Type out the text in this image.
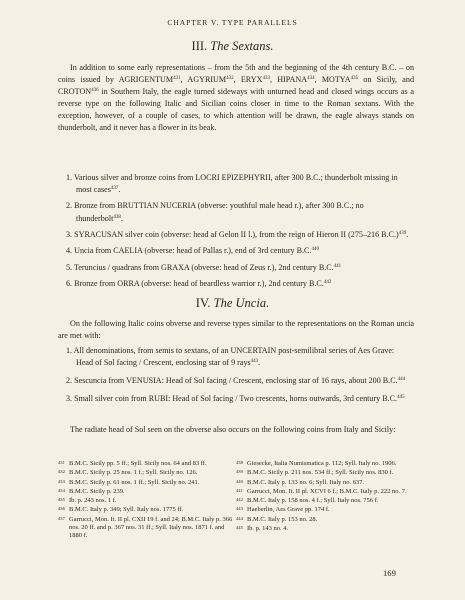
CHAPTER V. TYPE PARALLELS
III. The Sextans.

In addition to some early representations – from the 5th and the beginning of the 4th century B.C. – on coins issued by AGRIGENTUM$^{431}$, AGYRIUM$^{432}$, ERYX$^{433}$, HIPANA$^{434}$, MOTYA$^{435}$ on Sicily, and CROTON$^{436}$ in Southern Italy, the eagle turned sideways with unturned head and closed wings occurs as a reverse type on the following Italic and Sicilian coins closer in time to the Roman sextans. With the exception, however, of a couple of cases, to which attention will be drawn, the eagle always stands on thunderbolt, and it never has a flower in its beak.

1. Various silver and bronze coins from LOCRI EPIZEPHYRII, after 300 B.C.; thunderbolt missing in most cases$^{437}$.
2. Bronze from BRUTTIAN NUCERIA (obverse: youthful male head r.), after 300 B.C.; no thunderbolt$^{438}$.
3. SYRACUSAN silver coin (obverse: head af Gelon II l.), from the reign of Hieron II (275–216 B.C.)$^{439}$.
4. Uncia from CAELIA (obverse: head of Pallas r.), end of 3rd century B.C.$^{440}$
5. Teruncius / quadrans from GRAXA (obverse: head of Zeus r.), 2nd century B.C.$^{441}$
6. Bronze from ORRA (obverse: head of beardless warrior r.), 2nd century B.C.$^{442}$
IV. The Uncia.

On the following Italic coins obverse and reverse types similar to the representations on the Roman uncia are met with:

1. All denominations, from semis to sextans, of an UNCERTAIN post-semilibral series of Aes Grave: Head of Sol facing / Crescent, enclosing star of 9 rays$^{443}$.
2. Sescuncia from VENUSIA: Head of Sol facing / Crescent, enclosing star of 16 rays, about 200 B.C.$^{444}$
3. Small silver coin from RUBI: Head of Sol facing / Two crescents, horns outwards, 3rd century B.C.$^{445}$

The radiate head of Sol seen on the obverse also occurs on the following coins from Italy and Sicily:

431 B.M.C. Sicily pp. 5 ff.; Syll. Sicily nos. 64 and 83 ff.

432 B.M.C. Sicily p. 25 nos. 1 f.; Syll. Sicily no. 126.

433 B.M.C. Sicily p. 61 nos. 1 ff.; Syll. Sicily no. 241.

434 B.M.C. Sicily p. 239.

435 Ib. p. 243 nos. 1 f.

436 B.M.C. Italy p. 349; Syll. Italy nos. 1775 ff.

437 Garrucci, Mon. It. II pl. CXII 19 f. and 24; B.M.C. Italy p. 366 nos. 20 ff. and p. 367 nos. 31 ff.; Syll. Italy nos. 1871 f. and 1880 f.

438 Giesecke, Italia Numismatica p. 112; Syll. Italy no. 1906.

439 B.M.C. Sicily p. 211 nos. 534 ff.; Syll. Sicily nos. 830 f.

440 B.M.C. Italy p. 133 no. 6; Syll. Italy no. 637.

441 Garrucci, Mon. It. II pl. XCVI 6 f.; B.M.C. Italy p. 222 no. 7.

442 B.M.C. Italy p. 158 nos. 4 f.; Syll. Italy nos. 756 f.

443 Haeberlin, Aes Grave pp. 174 f.

444 B.M.C. Italy p. 153 no. 28.

445 Ib. p. 143 no. 4.

169
